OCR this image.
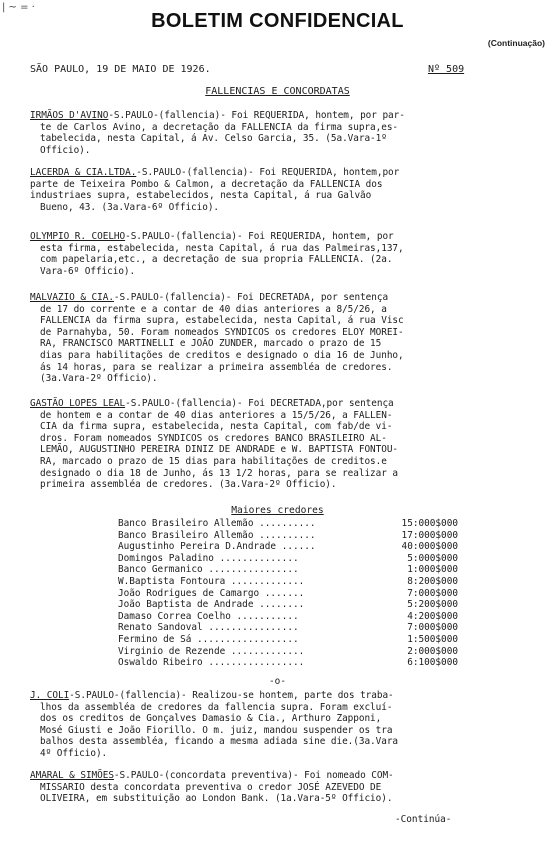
| ~ = ·
BOLETIM CONFIDENCIAL
(Continuação)
SÃO PAULO, 19 DE MAIO DE 1926.	Nº 509
FALLENCIAS E CONCORDATAS

IRMÃOS D'AVINO-S.PAULO-(fallencia)- Foi REQUERIDA, hontem, por par-

te de Carlos Avino, a decretação da FALLENCIA da firma supra,es-

tabelecida, nesta Capital, á Av. Celso Garcia, 35. (5a.Vara-1º

Officio).

LACERDA & CIA.LTDA.-S.PAULO-(fallencia)- Foi REQUERIDA, hontem,por

parte de Teixeira Pombo & Calmon, a decretação da FALLENCIA dos

industriaes supra, estabelecidos, nesta Capital, á rua Galvão

Bueno, 43. (3a.Vara-6º Officio).

OLYMPIO R. COELHO-S.PAULO-(fallencia)- Foi REQUERIDA, hontem, por

esta firma, estabelecida, nesta Capital, á rua das Palmeiras,137,

com papelaria,etc., a decretação de sua propria FALLENCIA. (2a.

Vara-6º Officio).

MALVAZIO & CIA.-S.PAULO-(fallencia)- Foi DECRETADA, por sentença

de 17 do corrente e a contar de 40 dias anteriores a 8/5/26, a

FALLENCIA da firma supra, estabelecida, nesta Capital, á rua Visc

de Parnahyba, 50. Foram nomeados SYNDICOS os credores ELOY MOREI-

RA, FRANCISCO MARTINELLI e JOÃO ZUNDER, marcado o prazo de 15

dias para habilitações de creditos e designado o dia 16 de Junho,

ás 14 horas, para se realizar a primeira assembléa de credores.

(3a.Vara-2º Officio).

GASTÃO LOPES LEAL-S.PAULO-(fallencia)- Foi DECRETADA,por sentença

de hontem e a contar de 40 dias anteriores a 15/5/26, a FALLEN-

CIA da firma supra, estabelecida, nesta Capital, com fab/de vi-

dros. Foram nomeados SYNDICOS os credores BANCO BRASILEIRO AL-

LEMÃO, AUGUSTINHO PEREIRA DINIZ DE ANDRADE e W. BAPTISTA FONTOU-

RA, marcado o prazo de 15 dias para habilitações de creditos.e

designado o dia 18 de Junho, ás 13 1/2 horas, para se realizar a

primeira assembléa de credores. (3a.Vara-2º Officio).

Maiores credores
Banco Brasileiro Allemão ..........	15:000$000
Banco Brasileiro Allemão ..........	17:000$000
Augustinho Pereira D.Andrade ......	40:000$000
Domingos Paladino ..............	5:000$000
Banco Germanico ................	1:000$000
W.Baptista Fontoura .............	8:200$000
João Rodrigues de Camargo .......	7:000$000
João Baptista de Andrade ........	5:200$000
Damaso Correa Coelho ...........	4:200$000
Renato Sandoval ................	7:000$000
Fermino de Sá ..................	1:500$000
Virginio de Rezende .............	2:000$000
Oswaldo Ribeiro .................	6:100$000
-o-

J. COLI-S.PAULO-(fallencia)- Realizou-se hontem, parte dos traba-

lhos da assembléa de credores da fallencia supra. Foram excluí-

dos os creditos de Gonçalves Damasio & Cia., Arthuro Zapponi,

Mosé Giusti e João Fiorillo. O m. juiz, mandou suspender os tra

balhos desta assembléa, ficando a mesma adiada sine die.(3a.Vara

4º Officio).

AMARAL & SIMÕES-S.PAULO-(concordata preventiva)- Foi nomeado COM-

MISSARIO desta concordata preventiva o credor JOSÉ AZEVEDO DE

OLIVEIRA, em substituição ao London Bank. (1a.Vara-5º Officio).

-Continúa-
